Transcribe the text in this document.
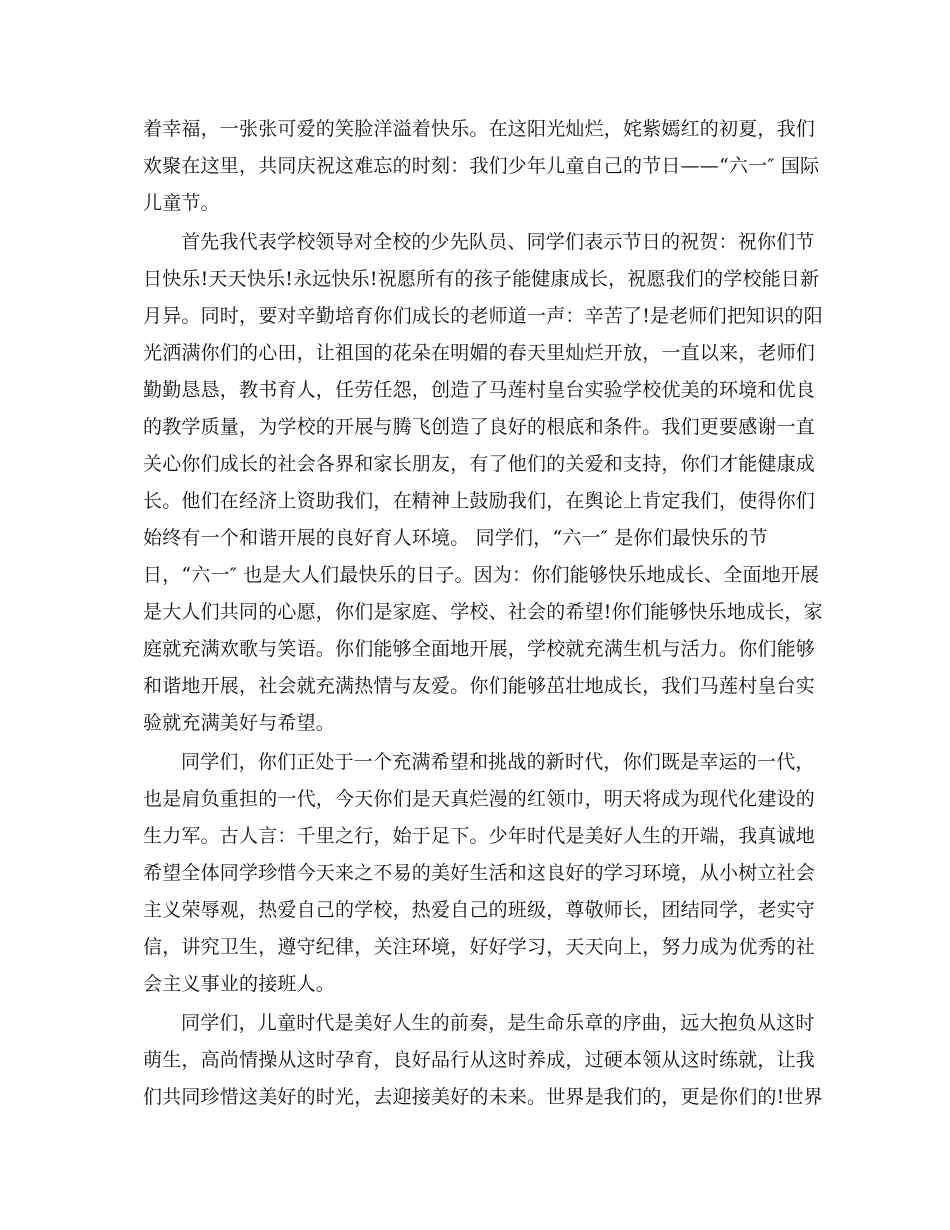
着幸福，一张张可爱的笑脸洋溢着快乐。在这阳光灿烂，姹紫嫣红的初夏，我们
欢聚在这里，共同庆祝这难忘的时刻：我们少年儿童自己的节日——“六一″ 国际
儿童节。
首先我代表学校领导对全校的少先队员、同学们表示节日的祝贺：祝你们节
日快乐!天天快乐!永远快乐!祝愿所有的孩子能健康成长，祝愿我们的学校能日新
月异。同时，要对辛勤培育你们成长的老师道一声：辛苦了!是老师们把知识的阳
光洒满你们的心田，让祖国的花朵在明媚的春天里灿烂开放，一直以来，老师们
勤勤恳恳，教书育人，任劳任怨，创造了马莲村皇台实验学校优美的环境和优良
的教学质量，为学校的开展与腾飞创造了良好的根底和条件。我们更要感谢一直
关心你们成长的社会各界和家长朋友，有了他们的关爱和支持，你们才能健康成
长。他们在经济上资助我们，在精神上鼓励我们，在舆论上肯定我们，使得你们
始终有一个和谐开展的良好育人环境。 同学们，“六一″ 是你们最快乐的节
日，“六一″ 也是大人们最快乐的日子。因为：你们能够快乐地成长、全面地开展
是大人们共同的心愿，你们是家庭、学校、社会的希望!你们能够快乐地成长，家
庭就充满欢歌与笑语。你们能够全面地开展，学校就充满生机与活力。你们能够
和谐地开展，社会就充满热情与友爱。你们能够茁壮地成长，我们马莲村皇台实
验就充满美好与希望。
同学们，你们正处于一个充满希望和挑战的新时代，你们既是幸运的一代，
也是肩负重担的一代，今天你们是天真烂漫的红领巾，明天将成为现代化建设的
生力军。古人言：千里之行，始于足下。少年时代是美好人生的开端，我真诚地
希望全体同学珍惜今天来之不易的美好生活和这良好的学习环境，从小树立社会
主义荣辱观，热爱自己的学校，热爱自己的班级，尊敬师长，团结同学，老实守
信，讲究卫生，遵守纪律，关注环境，好好学习，天天向上，努力成为优秀的社
会主义事业的接班人。
同学们，儿童时代是美好人生的前奏，是生命乐章的序曲，远大抱负从这时
萌生，高尚情操从这时孕育，良好品行从这时养成，过硬本领从这时练就，让我
们共同珍惜这美好的时光，去迎接美好的未来。世界是我们的，更是你们的!世界
